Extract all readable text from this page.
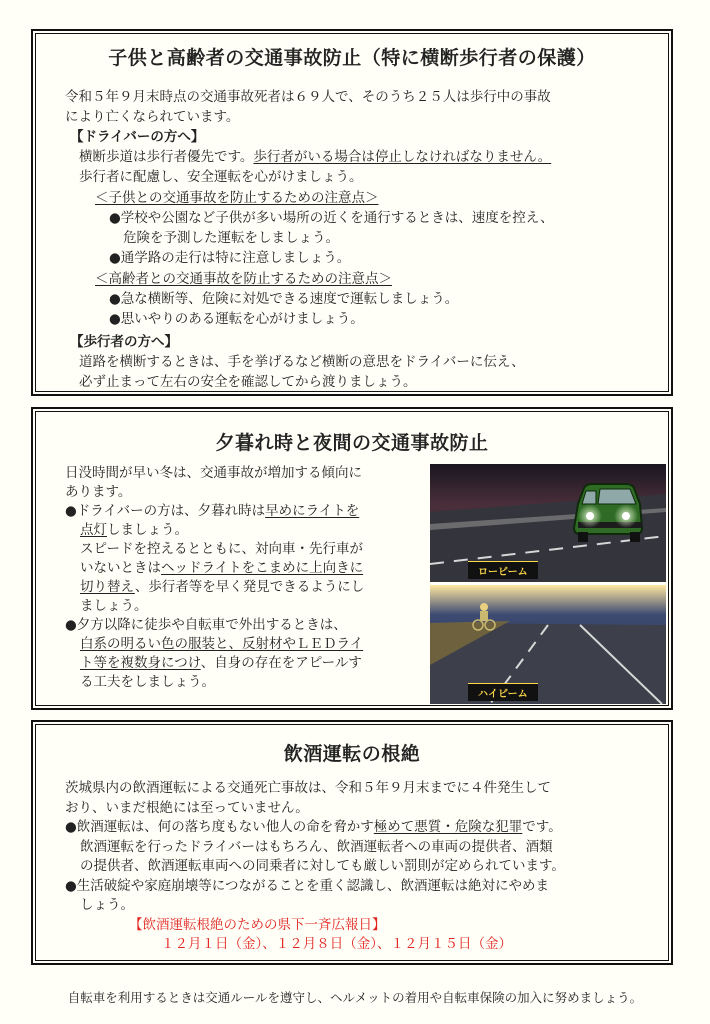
子供と高齢者の交通事故防止（特に横断歩行者の保護）
令和５年９月末時点の交通事故死者は６９人で、そのうち２５人は歩行中の事故
により亡くなられています。
【ドライバーの方へ】
横断歩道は歩行者優先です。歩行者がいる場合は停止しなければなりません。
歩行者に配慮し、安全運転を心がけましょう。
＜子供との交通事故を防止するための注意点＞
● 学校や公園など子供が多い場所の近くを通行するときは、速度を控え、
危険を予測した運転をしましょう。
● 通学路の走行は特に注意しましょう。
＜高齢者との交通事故を防止するための注意点＞
● 急な横断等、危険に対処できる速度で運転しましょう。
● 思いやりのある運転を心がけましょう。
【歩行者の方へ】
道路を横断するときは、手を挙げるなど横断の意思をドライバーに伝え、
必ず止まって左右の安全を確認してから渡りましょう。
夕暮れ時と夜間の交通事故防止

日没時間が早い冬は、交通事故が増加する傾向に

あります。

● ドライバーの方は、夕暮れ時は早めにライトを

点灯しましょう。

スピードを控えるとともに、対向車・先行車が

いないときはヘッドライトをこまめに上向きに

切り替え、歩行者等を早く発見できるようにし

ましょう。

● 夕方以降に徒歩や自転車で外出するときは、

白系の明るい色の服装と、反射材やＬＥＤライ

ト等を複数身につけ、自身の存在をアピールす

る工夫をしましょう。

ロービーム
ハイビーム
飲酒運転の根絶

茨城県内の飲酒運転による交通死亡事故は、令和５年９月末までに４件発生して

おり、いまだ根絶には至っていません。

● 飲酒運転は、何の落ち度もない他人の命を脅かす極めて悪質・危険な犯罪です。

飲酒運転を行ったドライバーはもちろん、飲酒運転者への車両の提供者、酒類

の提供者、飲酒運転車両への同乗者に対しても厳しい罰則が定められています。

● 生活破綻や家庭崩壊等につながることを重く認識し、飲酒運転は絶対にやめま

しょう。

【飲酒運転根絶のための県下一斉広報日】

１２月１日（金）、１２月８日（金）、１２月１５日（金）

自転車を利用するときは交通ルールを遵守し、ヘルメットの着用や自転車保険の加入に努めましょう。
